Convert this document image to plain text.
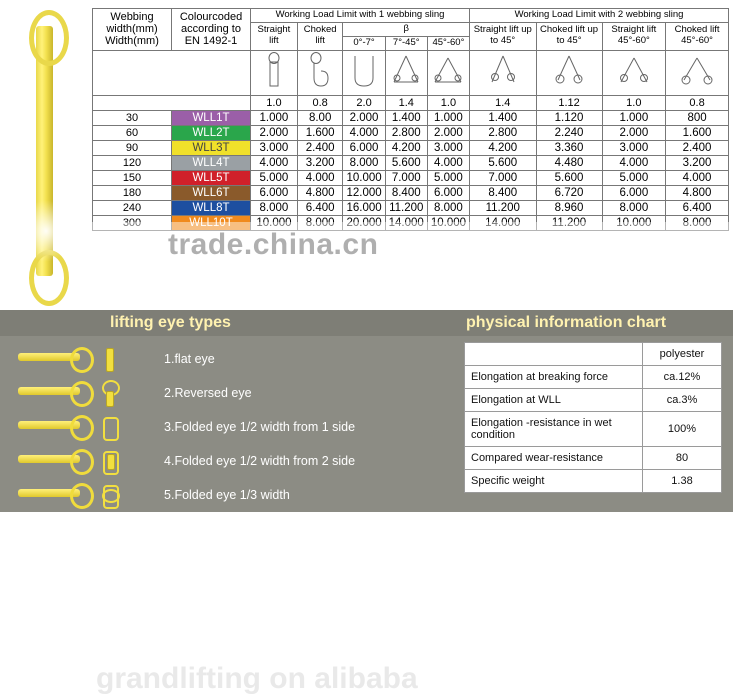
Webbing
width(mm)
Width(mm)

Colourcoded
according to
EN 1492-1
	Working Load Limit with 1 webbing sling	Working Load Limit with 2 webbing sling
		Straight lift	Choked lift	β			Straight lift up to 45°	Choked lift up to 45°	Straight lift 45°-60°	Choked lift 45°-60°
				0°-7°	7°-45°	45°-60°				

		1.0	0.8	2.0	1.4	1.0	1.4	1.12	1.0	0.8
30	WLL1T	1.000	8.00	2.000	1.400	1.000	1.400	1.120	1.000	800
60	WLL2T	2.000	1.600	4.000	2.800	2.000	2.800	2.240	2.000	1.600
90	WLL3T	3.000	2.400	6.000	4.200	3.000	4.200	3.360	3.000	2.400
120	WLL4T	4.000	3.200	8.000	5.600	4.000	5.600	4.480	4.000	3.200
150	WLL5T	5.000	4.000	10.000	7.000	5.000	7.000	5.600	5.000	4.000
180	WLL6T	6.000	4.800	12.000	8.400	6.000	8.400	6.720	6.000	4.800
240	WLL8T	8.000	6.400	16.000	11.200	8.000	11.200	8.960	8.000	6.400
300	WLL10T	10.000	8.000	20.000	14.000	10.000	14.000	11.200	10.000	8.000
trade.china.cn
lifting eye types	physical information chart
1. flat eye
2. Reversed eye
3. Folded eye 1/2 width from 1 side
4. Folded eye 1/2 width from 2 side
5. Folded eye 1/3 width
	polyester
Elongation at breaking force	ca.12%
Elongation at WLL	ca.3%
Elongation -resistance in wet condition	100%
Compared wear-resistance	80
Specific weight	1.38
grandlifting on alibaba
